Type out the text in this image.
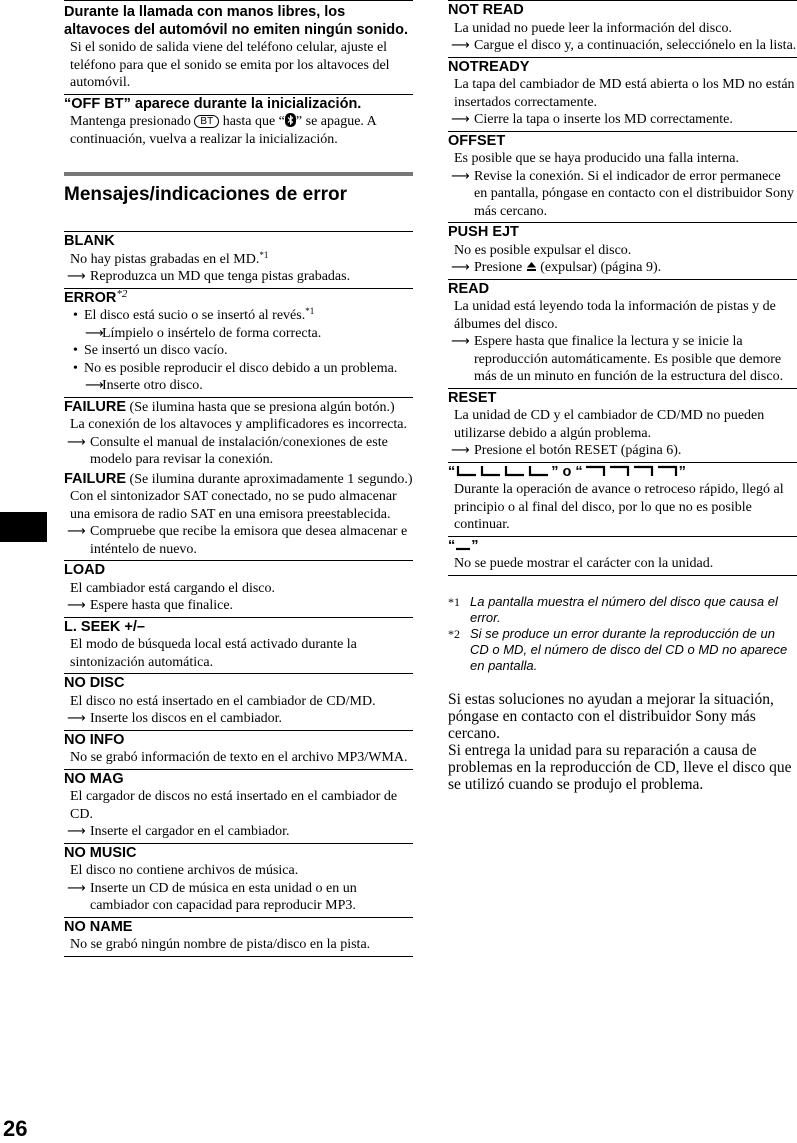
Durante la llamada con manos libres, los altavoces del automóvil no emiten ningún sonido.
Si el sonido de salida viene del teléfono celular, ajuste el teléfono para que el sonido se emita por los altavoces del automóvil.
“OFF BT” aparece durante la inicialización.
Mantenga presionado BT hasta que “ ” se apague. A continuación, vuelva a realizar la inicialización.
Mensajes/indicaciones de error
BLANK
No hay pistas grabadas en el MD.$^{*1}$
⟶ Reproduzca un MD que tenga pistas grabadas.
ERROR$^{*2}$
• El disco está sucio o se insertó al revés.$^{*1}$
⟶
Límpielo o insértelo de forma correcta.
• Se insertó un disco vacío.
• No es posible reproducir el disco debido a un problema.
⟶
Inserte otro disco.
FAILURE (Se ilumina hasta que se presiona algún botón.)
La conexión de los altavoces y amplificadores es incorrecta.
⟶ Consulte el manual de instalación/conexiones de este modelo para revisar la conexión.
FAILURE (Se ilumina durante aproximadamente 1 segundo.)
Con el sintonizador SAT conectado, no se pudo almacenar una emisora de radio SAT en una emisora preestablecida.
⟶ Compruebe que recibe la emisora que desea almacenar e inténtelo de nuevo.
LOAD
El cambiador está cargando el disco.
⟶ Espere hasta que finalice.
L. SEEK +/–
El modo de búsqueda local está activado durante la sintonización automática.
NO DISC
El disco no está insertado en el cambiador de CD/MD.
⟶ Inserte los discos en el cambiador.
NO INFO
No se grabó información de texto en el archivo MP3/WMA.
NO MAG
El cargador de discos no está insertado en el cambiador de CD.
⟶ Inserte el cargador en el cambiador.
NO MUSIC
El disco no contiene archivos de música.
⟶ Inserte un CD de música en esta unidad o en un cambiador con capacidad para reproducir MP3.
NO NAME
No se grabó ningún nombre de pista/disco en la pista.
NOT READ
La unidad no puede leer la información del disco.
⟶ Cargue el disco y, a continuación, selecciónelo en la lista.
NOTREADY
La tapa del cambiador de MD está abierta o los MD no están insertados correctamente.
⟶ Cierre la tapa o inserte los MD correctamente.
OFFSET
Es posible que se haya producido una falla interna.
⟶ Revise la conexión. Si el indicador de error permanece en pantalla, póngase en contacto con el distribuidor Sony más cercano.
PUSH EJT
No es posible expulsar el disco.
⟶ Presione (expulsar) (página 9).
READ
La unidad está leyendo toda la información de pistas y de álbumes del disco.
⟶ Espere hasta que finalice la lectura y se inicie la reproducción automáticamente. Es posible que demore más de un minuto en función de la estructura del disco.
RESET
La unidad de CD y el cambiador de CD/MD no pueden utilizarse debido a algún problema.
⟶ Presione el botón RESET (página 6).
“	” o “	”
Durante la operación de avance o retroceso rápido, llegó al principio o al final del disco, por lo que no es posible continuar.
“ ”
No se puede mostrar el carácter con la unidad.
*1 La pantalla muestra el número del disco que causa el error.
*2 Si se produce un error durante la reproducción de un CD o MD, el número de disco del CD o MD no aparece en pantalla.
Si estas soluciones no ayudan a mejorar la situación, póngase en contacto con el distribuidor Sony más cercano.
Si entrega la unidad para su reparación a causa de problemas en la reproducción de CD, lleve el disco que se utilizó cuando se produjo el problema.
26
